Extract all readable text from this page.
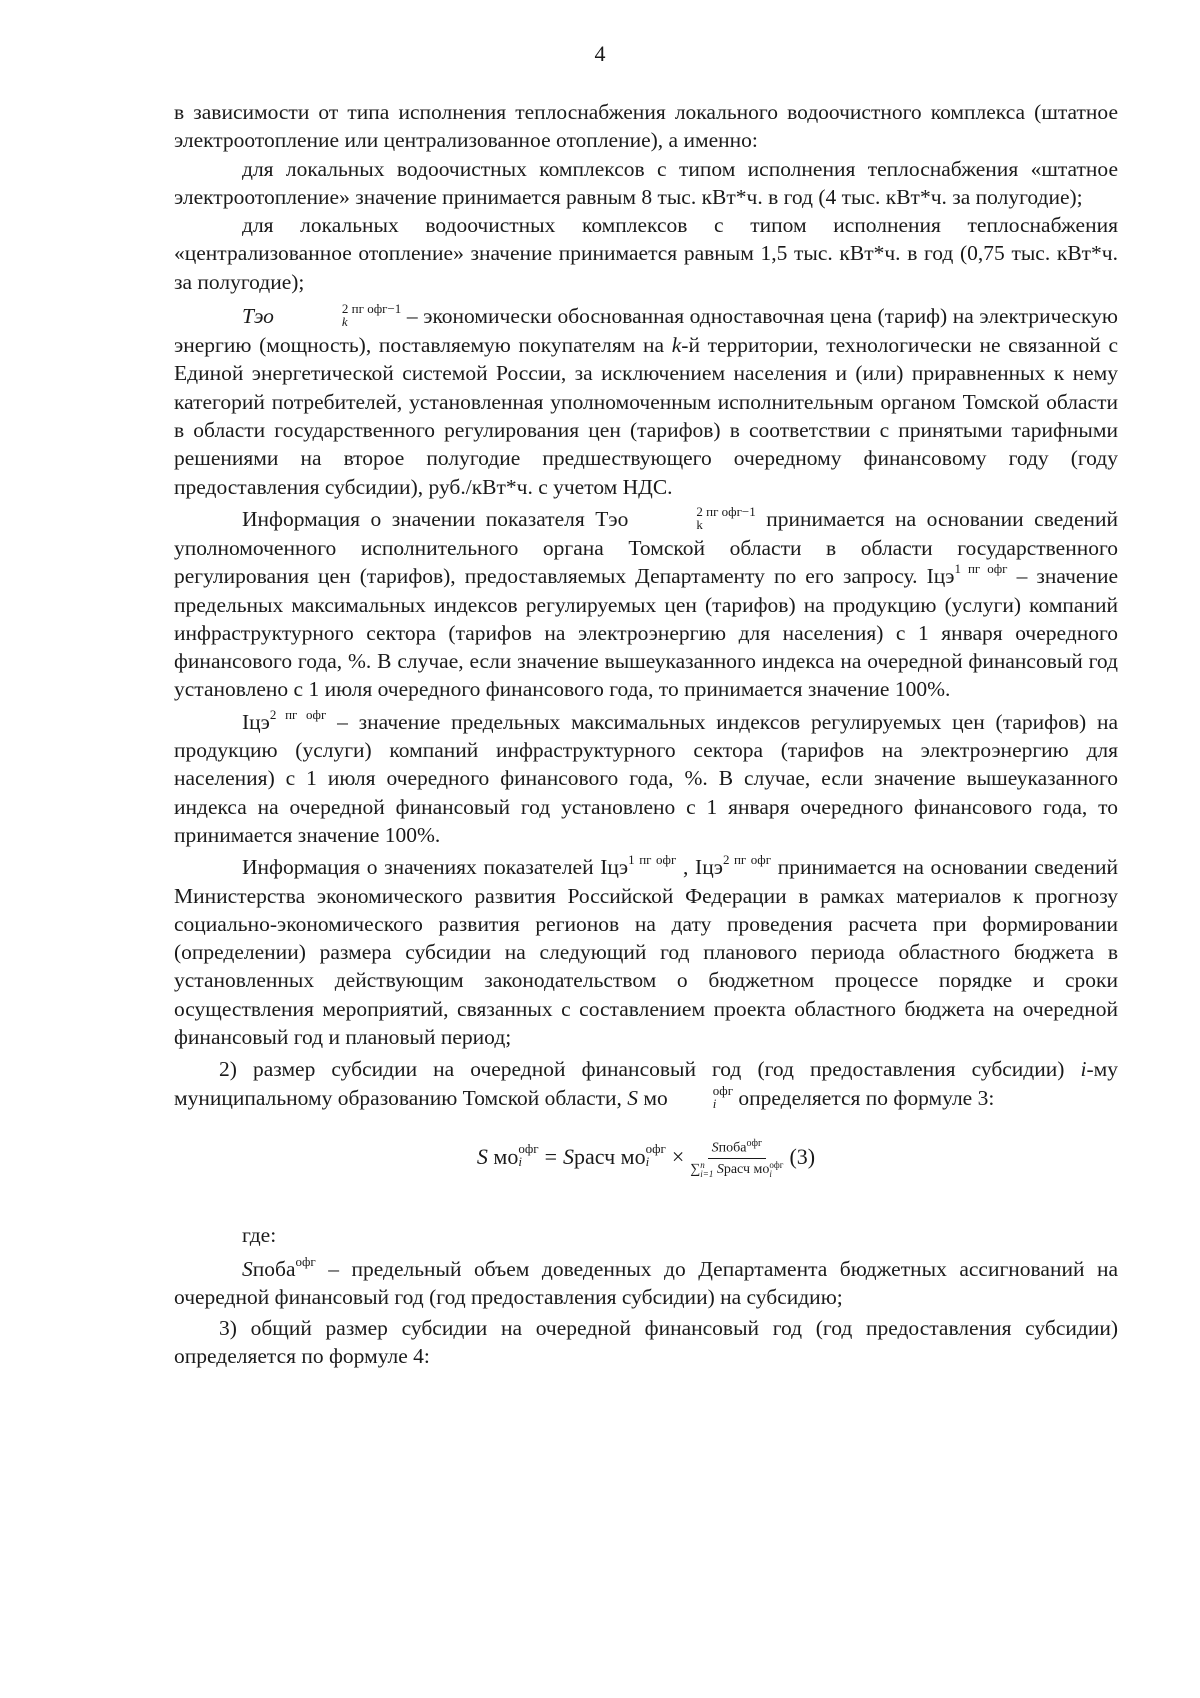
4

в зависимости от типа исполнения теплоснабжения локального водоочистного комплекса (штатное электроотопление или централизованное отопление), а именно:

для локальных водоочистных комплексов с типом исполнения теплоснабжения «штатное электроотопление» значение принимается равным 8 тыс. кВт*ч. в год (4 тыс. кВт*ч. за полугодие);

для локальных водоочистных комплексов с типом исполнения теплоснабжения «централизованное отопление» значение принимается равным 1,5 тыс. кВт*ч. в год (0,75 тыс. кВт*ч. за полугодие);

Тэо	2 пг офг−1
k	– экономически обоснованная одноставочная цена (тариф) на электрическую энергию (мощность), поставляемую покупателям на k-й территории, технологически не связанной с Единой энергетической системой России, за исключением населения и (или) приравненных к нему категорий потребителей, установленная уполномоченным исполнительным органом Томской области в области государственного регулирования цен (тарифов) в соответствии с принятыми тарифными решениями на второе полугодие предшествующего очередному финансовому году (году предоставления субсидии), руб./кВт*ч. с учетом НДС.

Информация о значении показателя Тэо	2 пг офг−1
k	принимается на основании сведений уполномоченного исполнительного органа Томской области в области государственного регулирования цен (тарифов), предоставляемых Департаменту по его запросу. Iцэ$^{1 пг офг}$ – значение предельных максимальных индексов регулируемых цен (тарифов) на продукцию (услуги) компаний инфраструктурного сектора (тарифов на электроэнергию для населения) с 1 января очередного финансового года, %. В случае, если значение вышеуказанного индекса на очередной финансовый год установлено с 1 июля очередного финансового года, то принимается значение 100%.

Iцэ$^{2 пг офг}$ – значение предельных максимальных индексов регулируемых цен (тарифов) на продукцию (услуги) компаний инфраструктурного сектора (тарифов на электроэнергию для населения) с 1 июля очередного финансового года, %. В случае, если значение вышеуказанного индекса на очередной финансовый год установлено с 1 января очередного финансового года, то принимается значение 100%.

Информация о значениях показателей Iцэ$^{1 пг офг}$ , Iцэ$^{2 пг офг}$ принимается на основании сведений Министерства экономического развития Российской Федерации в рамках материалов к прогнозу социально-экономического развития регионов на дату проведения расчета при формировании (определении) размера субсидии на следующий год планового периода областного бюджета в установленных действующим законодательством о бюджетном процессе порядке и сроки осуществления мероприятий, связанных с составлением проекта областного бюджета на очередной финансовый год и плановый период;

2) размер субсидии на очередной финансовый год (год предоставления субсидии) i-му муниципальному образованию Томской области, S мо	офг
i определяется по формуле 3:

S мо офг
i	= Sрасч мо офг
i	× Sпоба$^{офг}$
∑ n
i=1 Sрасч мо офг
i (3)

где:

Sпоба$^{офг}$ – предельный объем доведенных до Департамента бюджетных ассигнований на очередной финансовый год (год предоставления субсидии) на субсидию;

3) общий размер субсидии на очередной финансовый год (год предоставления субсидии) определяется по формуле 4:
